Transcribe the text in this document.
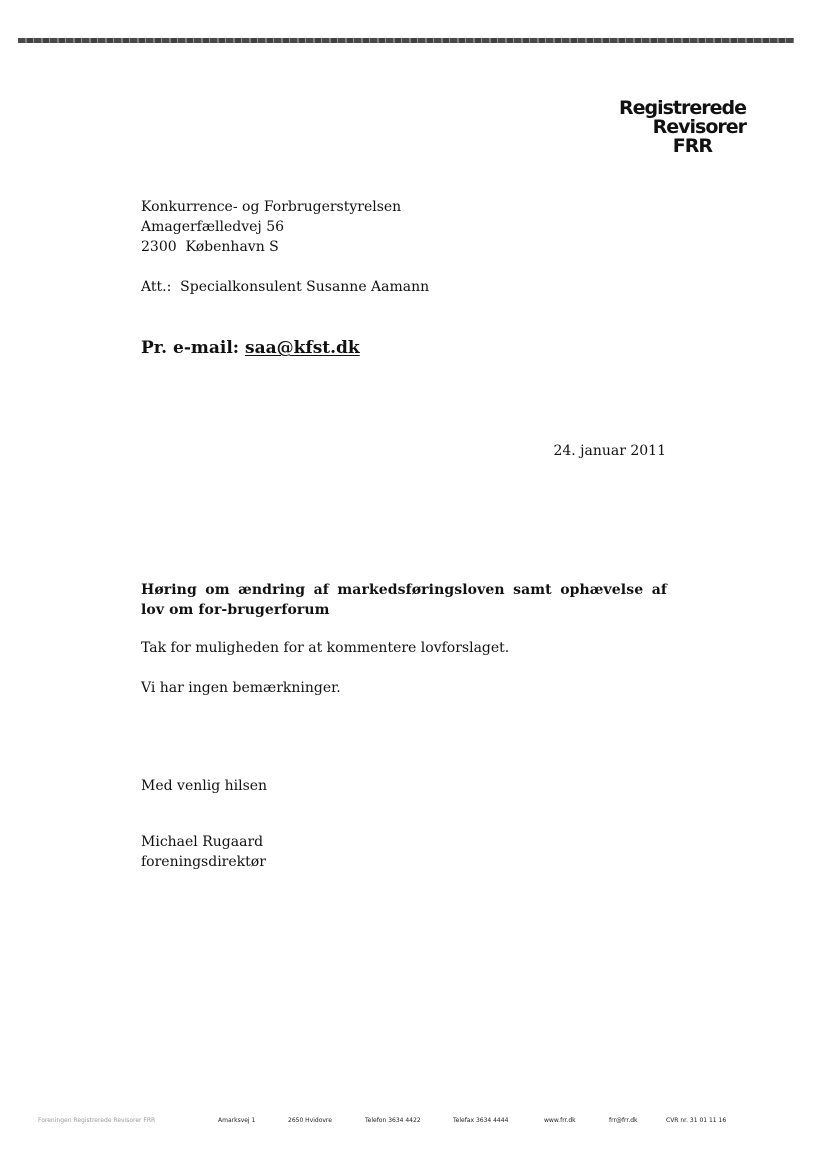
Registrerede
Revisorer
FRR
Konkurrence- og Forbrugerstyrelsen
Amagerfælledvej 56
2300  København S
Att.:  Specialkonsulent Susanne Aamann
Pr. e-mail: saa@kfst.dk
24. januar 2011
Høring om ændring af markedsføringsloven samt ophævelse af lov om for-brugerforum
Tak for muligheden for at kommentere lovforslaget.
Vi har ingen bemærkninger.
Med venlig hilsen
Michael Rugaard
foreningsdirektør
Foreningen Registrerede Revisorer FRR	Amarksvej 1	2650 Hvidovre	Telefon 3634 4422	Telefax 3634 4444	www.frr.dk	frr@frr.dk	CVR nr. 31 01 11 16
